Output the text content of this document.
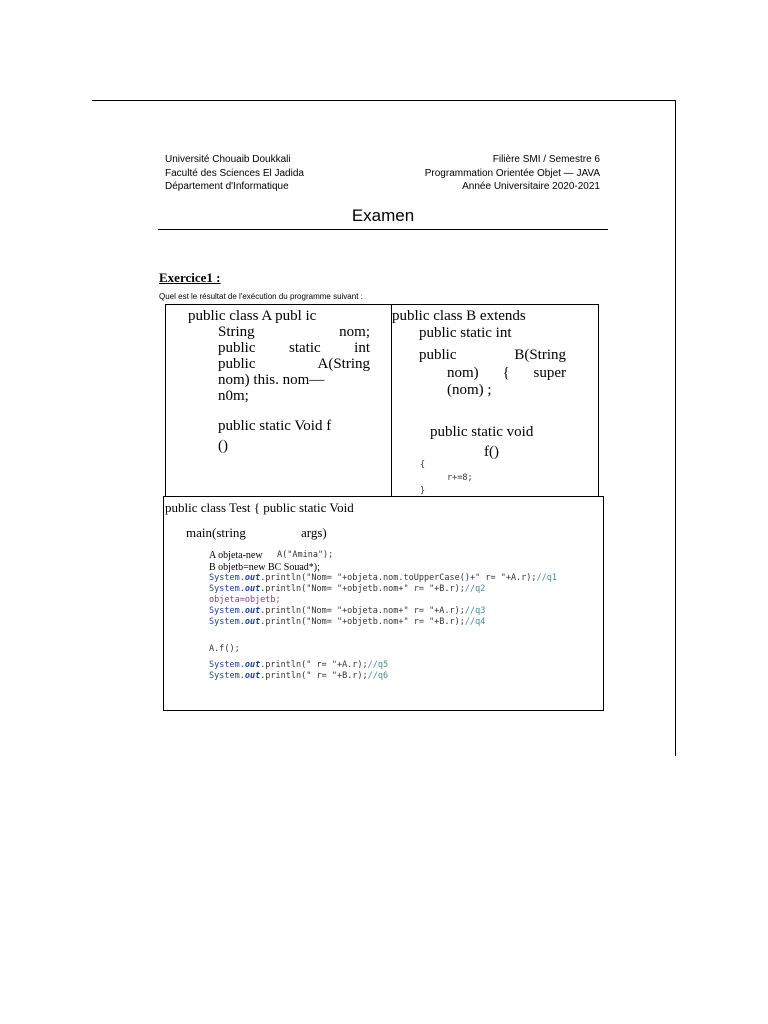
Université Chouaib Doukkali
Faculté des Sciences El Jadida
Département d'Informatique
Filière SMI / Semestre 6
Programmation Orientée Objet — JAVA
Année Universitaire 2020-2021
Examen
Exercice1 :
Quel est le résultat de l'exécution du programme suivant :
public class A publ ic
String nom;
public static int
public A(String
nom) this. nom—
n0m;
public static Void f
()
public class B extends
public static int
public B(String
nom) { super
(nom) ;
public static void
f()
{
r+=8;
}
public class Test { public static Void
main(string	args)
A objeta-new A("Amina");
B objetb=new BC Souad*);
System.out.println("Nom= "+objeta.nom.toUpperCase()+" r= "+A.r);//q1
System.out.println("Nom= "+objetb.nom+" r= "+B.r);//q2
objeta=objetb;
System.out.println("Nom= "+objeta.nom+" r= "+A.r);//q3
System.out.println("Nom= "+objetb.nom+" r= "+B.r);//q4
A.f();
System.out.println(" r= "+A.r);//q5
System.out.println(" r= "+B.r);//q6
